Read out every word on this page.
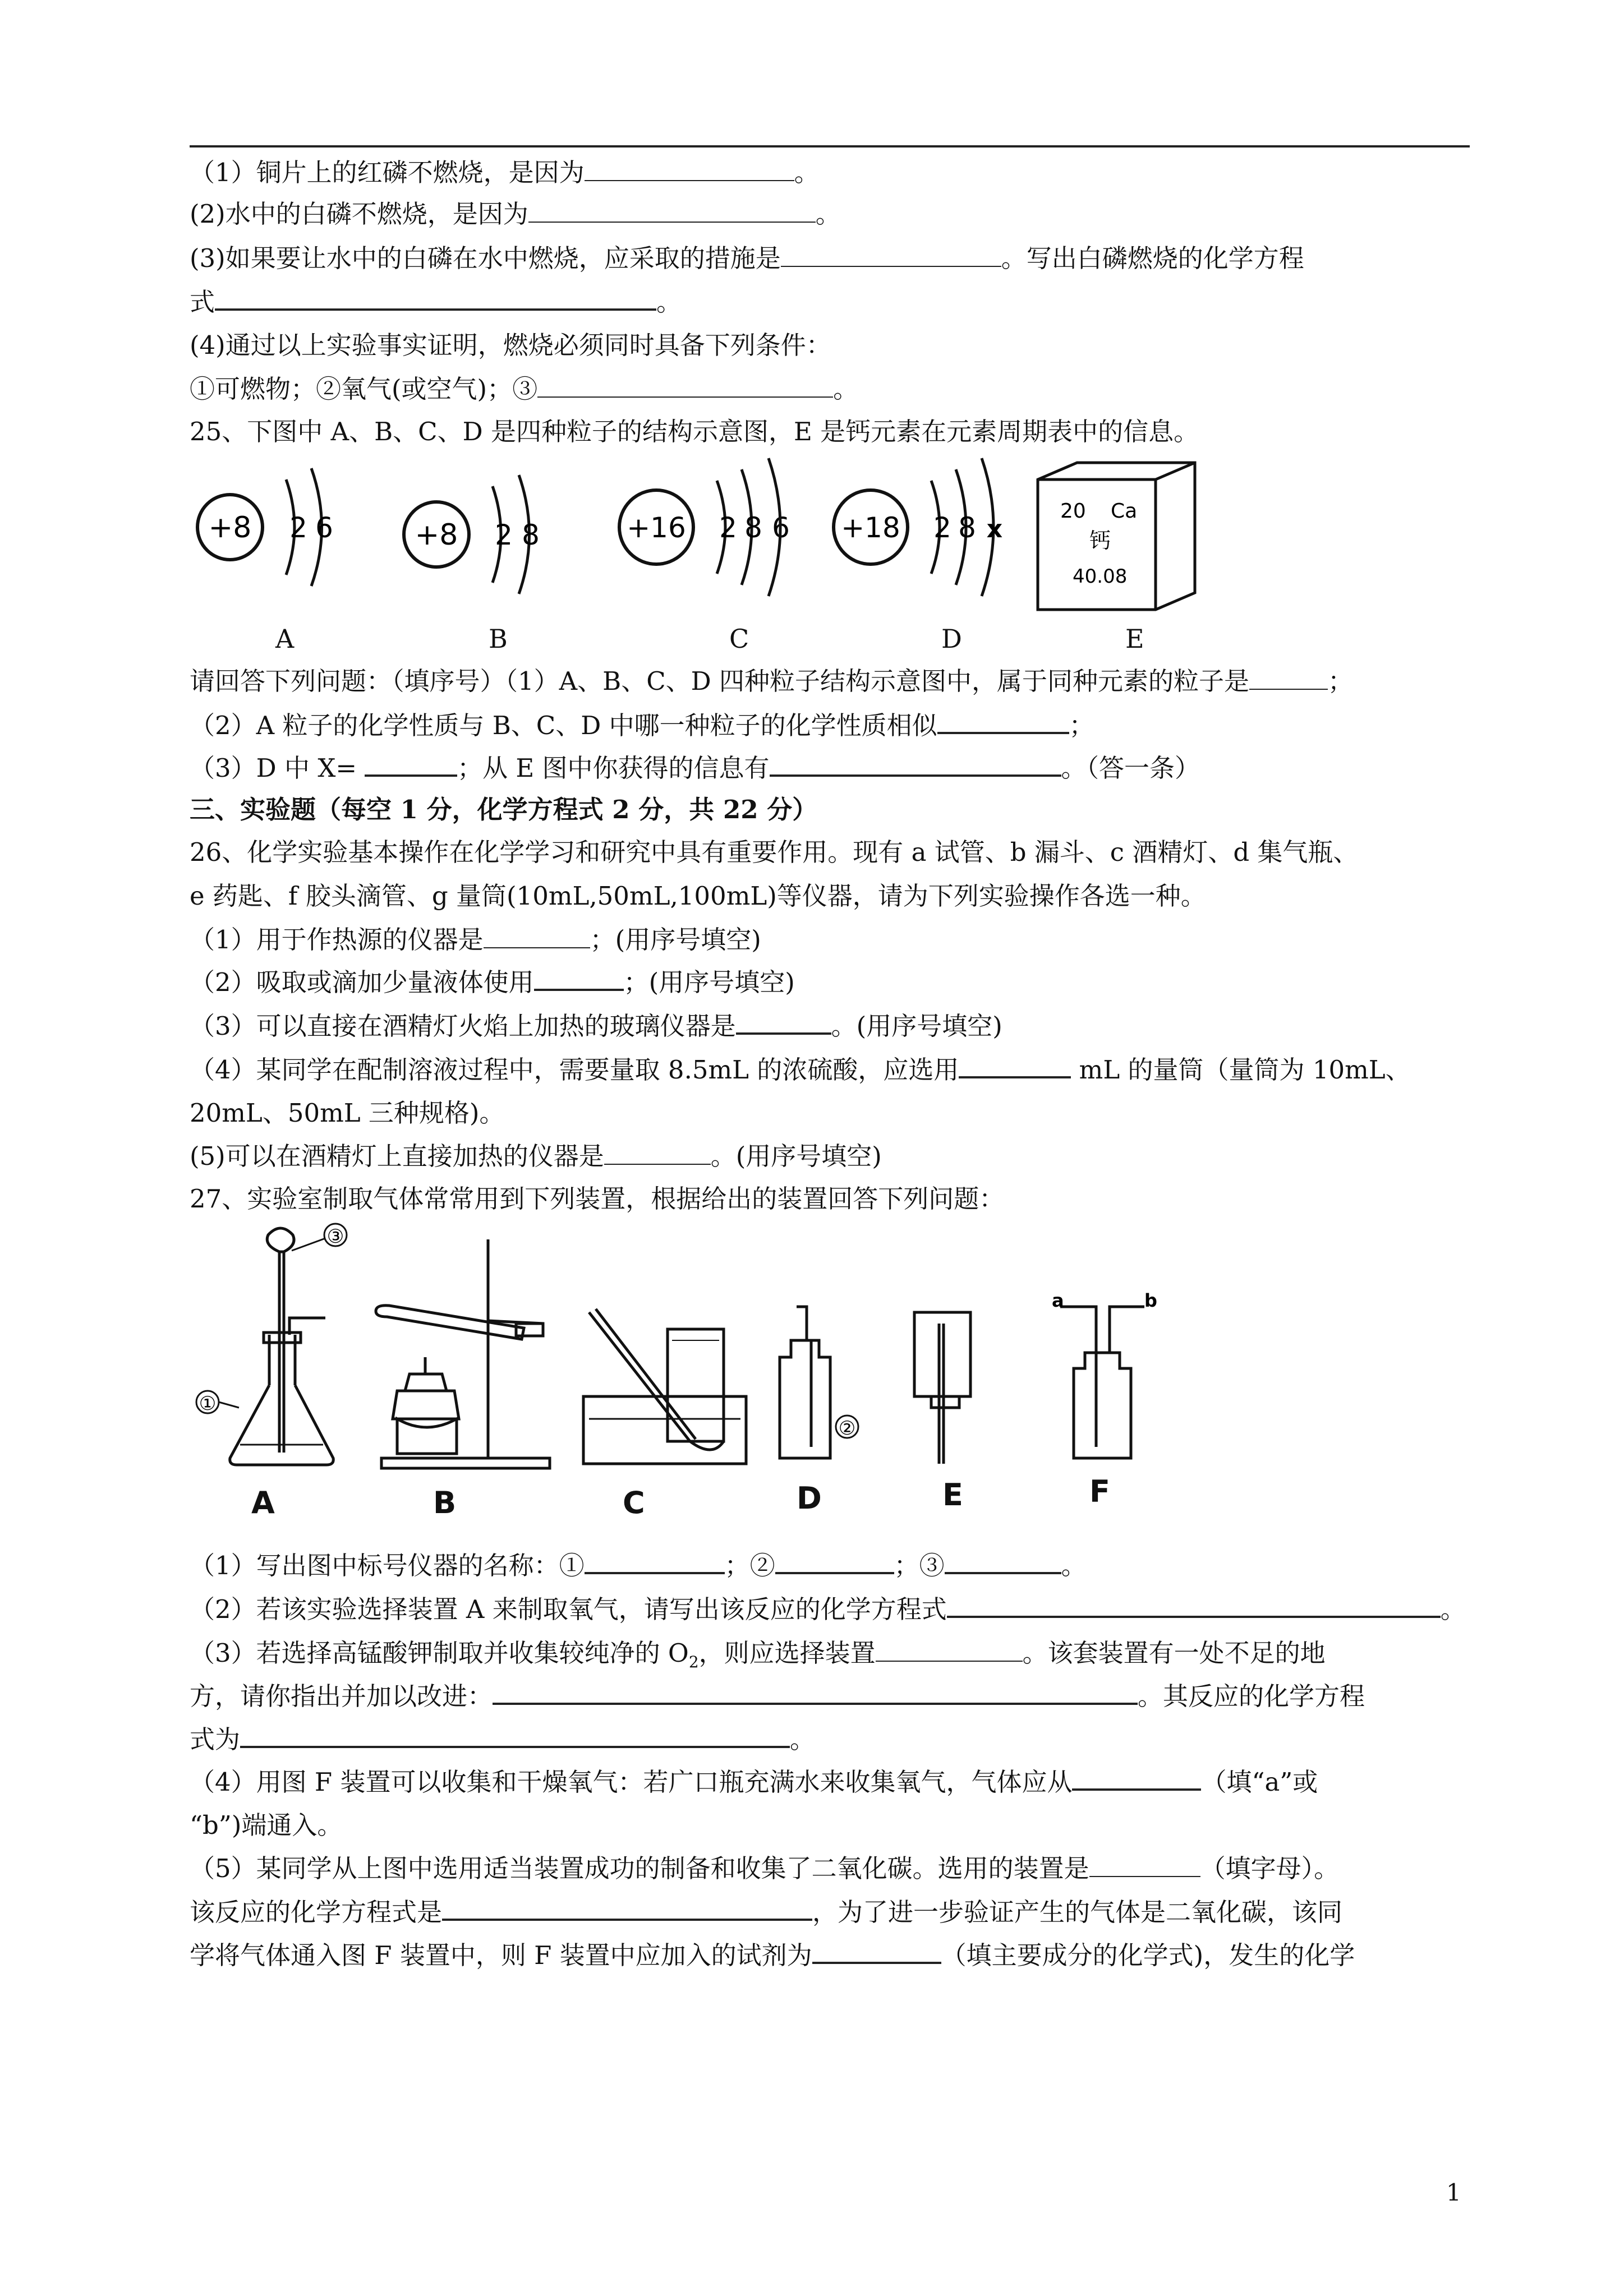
（1）铜片上的红磷不燃烧，是因为	。
(2)水中的白磷不燃烧，是因为	。
(3)如果要让水中的白磷在水中燃烧，应采取的措施是	。写出白磷燃烧的化学方程
式	。
(4)通过以上实验事实证明，燃烧必须同时具备下列条件：
①可燃物；②氧气(或空气)；③	。
25、下图中 A、B、C、D 是四种粒子的结构示意图，E 是钙元素在元素周期表中的信息。
+8 2 6	+8 2 8	+16 2 8 6 +18 2 8 x
20 Ca
钙
40.08
A	B	C	D	E
请回答下列问题：（填序号）（1）A、B、C、D 四种粒子结构示意图中，属于同种元素的粒子是	；
（2）A 粒子的化学性质与 B、C、D 中哪一种粒子的化学性质相似	；
（3）D 中 X=	；从 E 图中你获得的信息有	。（答一条）
三、实验题（每空 1 分，化学方程式 2 分，共 22 分）
26、化学实验基本操作在化学学习和研究中具有重要作用。现有 a 试管、b 漏斗、c 酒精灯、d 集气瓶、
e 药匙、f 胶头滴管、g 量筒(10mL,50mL,100mL)等仪器，请为下列实验操作各选一种。
（1）用于作热源的仪器是	；(用序号填空)
（2）吸取或滴加少量液体使用	；(用序号填空)
（3）可以直接在酒精灯火焰上加热的玻璃仪器是	。(用序号填空)
（4）某同学在配制溶液过程中，需要量取 8.5mL 的浓硫酸，应选用	mL 的量筒（量筒为 10mL、
20mL、50mL 三种规格)。
(5)可以在酒精灯上直接加热的仪器是	。(用序号填空)
27、实验室制取气体常常用到下列装置，根据给出的装置回答下列问题：
③
①
②
a	b
A	B	C	D	E	F
（1）写出图中标号仪器的名称：①	；②	；③	。
（2）若该实验选择装置 A 来制取氧气，请写出该反应的化学方程式	。
（3）若选择高锰酸钾制取并收集较纯净的 $O_2$，则应选择装置	。该套装置有一处不足的地
方，请你指出并加以改进：	。其反应的化学方程
式为	。
（4）用图 F 装置可以收集和干燥氧气：若广口瓶充满水来收集氧气，气体应从	（填“a”或
“b”)端通入。
（5）某同学从上图中选用适当装置成功的制备和收集了二氧化碳。选用的装置是	（填字母）。
该反应的化学方程式是	，为了进一步验证产生的气体是二氧化碳，该同
学将气体通入图 F 装置中，则 F 装置中应加入的试剂为	（填主要成分的化学式)，发生的化学
1
